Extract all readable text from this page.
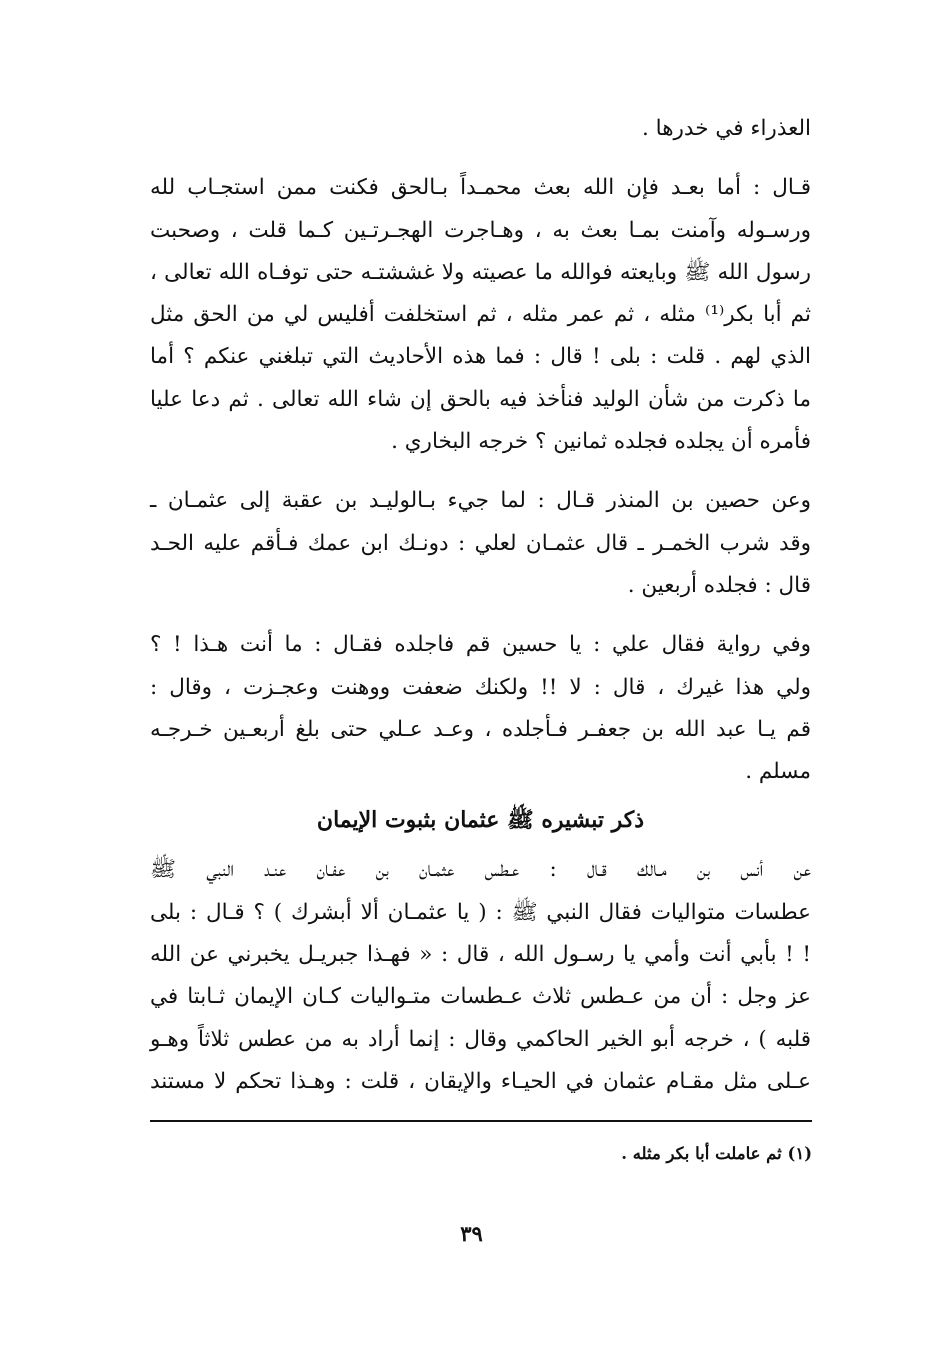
العذراء في خدرها .

قـال : أما بعـد فإن الله بعث محمـداً بـالحق فكنت ممن استجـاب لله
ورسـوله وآمنت بمـا بعث به ، وهـاجرت الهجـرتـين كـما قلت ، وصحبت
رسول الله ﷺ وبايعته فوالله ما عصيته ولا غششتـه حتى توفـاه الله تعالى ،
ثم أبا بكر⁽¹⁾ مثله ، ثم عمر مثله ، ثم استخلفت أفليس لي من الحق مثل
الذي لهم . قلت : بلى ! قال : فما هذه الأحاديث التي تبلغني عنكم ؟ أما
ما ذكرت من شأن الوليد فنأخذ فيه بالحق إن شاء الله تعالى . ثم دعا عليا
فأمره أن يجلده فجلده ثمانين ؟ خرجه البخاري .

وعن حصين بن المنذر قـال : لما جيء بـالوليـد بن عقبة إلى عثمـان ـ
وقد شرب الخمـر ـ قال عثمـان لعلي : دونـك ابن عمك فـأقم عليه الحـد
قال : فجلده أربعين .

وفي رواية فقال علي : يا حسين قم فاجلده فقـال : ما أنت هـذا ! ؟
ولي هذا غيرك ، قال : لا !! ولكنك ضعفت ووهنت وعجـزت ، وقال :
قم يـا عبد الله بن جعفـر فـأجلده ، وعـد عـلي حتى بلغ أربعـين خـرجـه
مسلم .

ذكر تبشيره ﷺ عثمان بثبوت الإيمان

عن أنس بن مـالك قـال : عـطس عثمـان بن عفـان عنـد النبي ﷺ
عطسات متواليات فقال النبي ﷺ : ( يا عثمـان ألا أبشرك ) ؟ قـال : بلى
! ! بأبي أنت وأمي يا رسـول الله ، قال : « فهـذا جبريـل يخبرني عن الله
عز وجل : أن من عـطس ثلاث عـطسات متـواليات كـان الإيمان ثـابتا في
قلبه ) ، خرجه أبو الخير الحاكمي وقال : إنما أراد به من عطس ثلاثاً وهـو
عـلى مثل مقـام عثمان في الحيـاء والإيقان ، قلت : وهـذا تحكم لا مستند

(١) ثم عاملت أبا بكر مثله .

٣٩
